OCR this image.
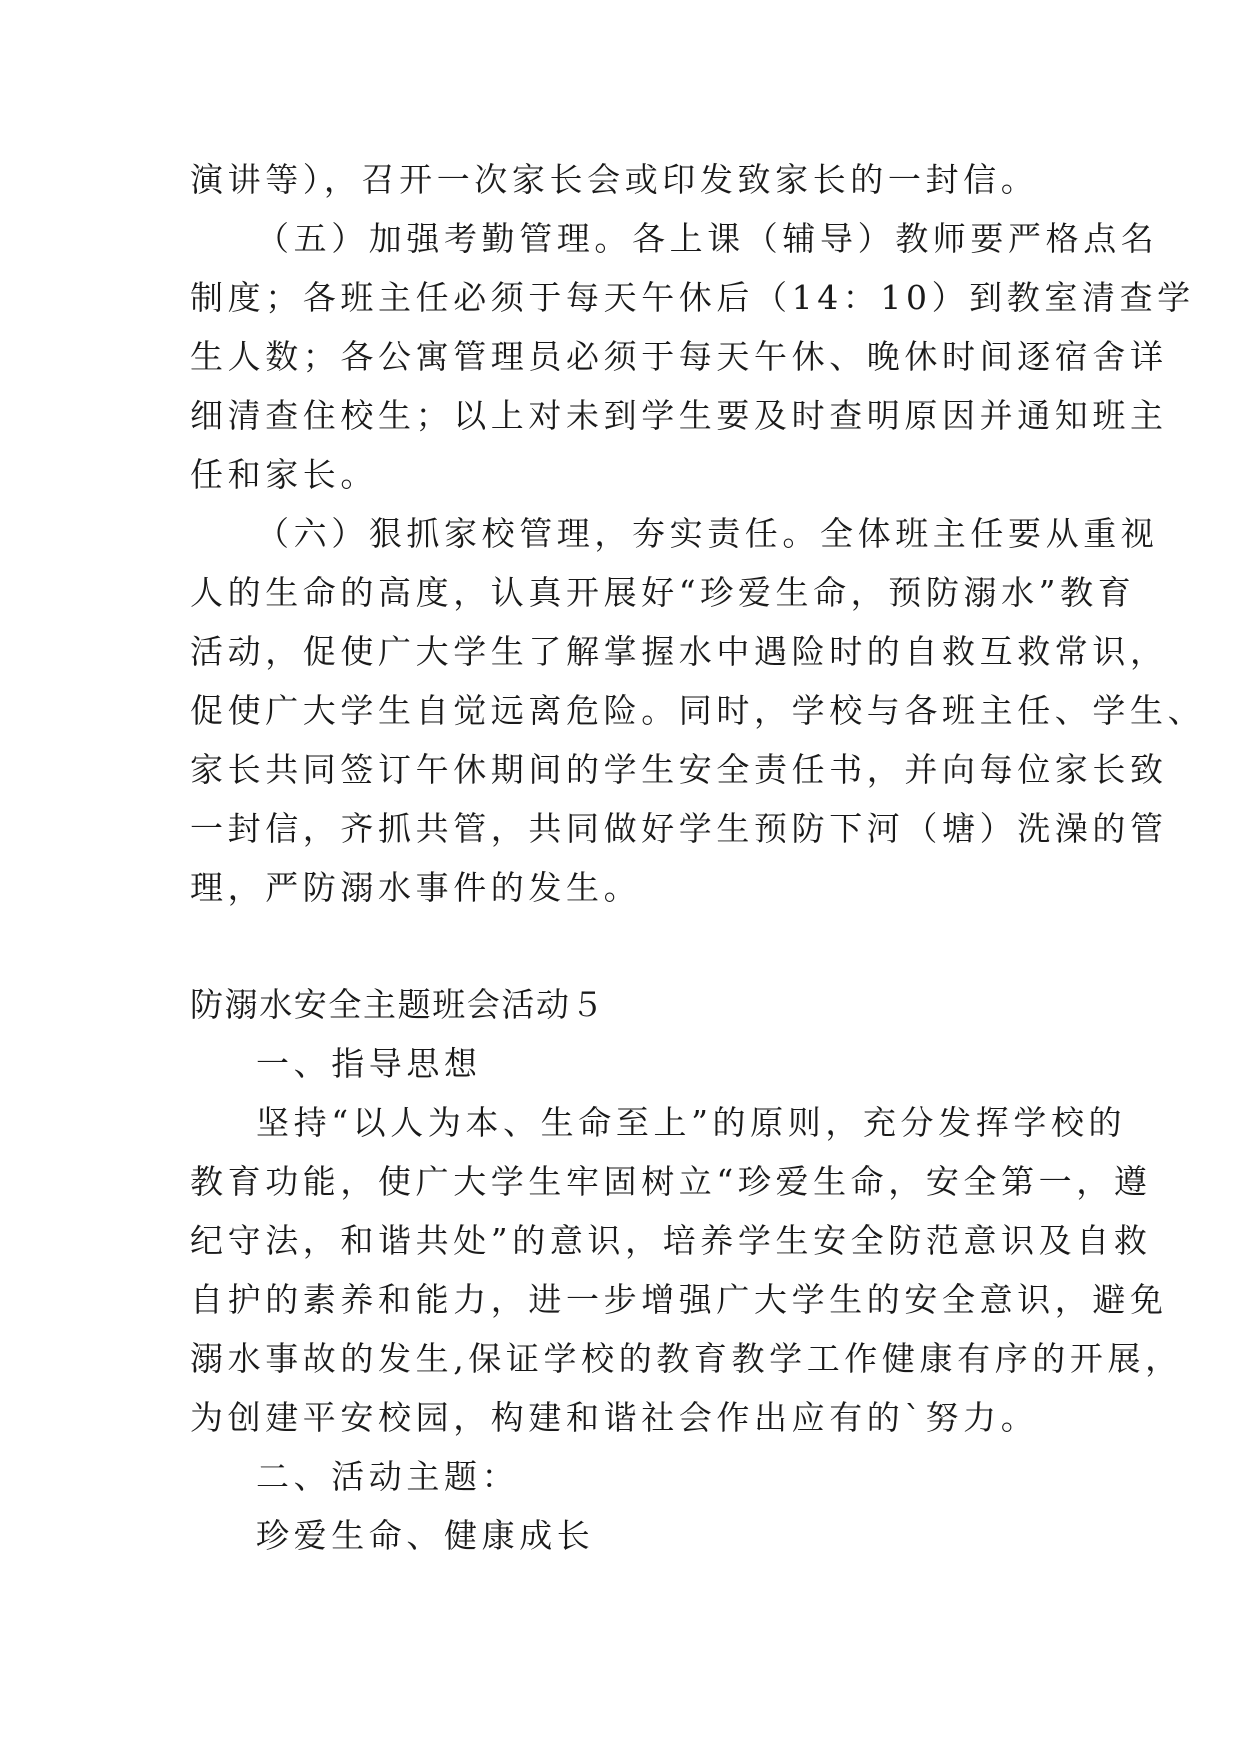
演讲等），召开一次家长会或印发致家长的一封信。
（五）加强考勤管理。各上课（辅导）教师要严格点名
制度；各班主任必须于每天午休后（14：10）到教室清查学
生人数；各公寓管理员必须于每天午休、晚休时间逐宿舍详
细清查住校生；以上对未到学生要及时查明原因并通知班主
任和家长。
（六）狠抓家校管理，夯实责任。全体班主任要从重视
人的生命的高度，认真开展好“珍爱生命，预防溺水”教育
活动，促使广大学生了解掌握水中遇险时的自救互救常识，
促使广大学生自觉远离危险。同时，学校与各班主任、学生、
家长共同签订午休期间的学生安全责任书，并向每位家长致
一封信，齐抓共管，共同做好学生预防下河（塘）洗澡的管
理，严防溺水事件的发生。
防溺水安全主题班会活动５
一、指导思想
坚持“以人为本、生命至上”的原则，充分发挥学校的
教育功能，使广大学生牢固树立“珍爱生命，安全第一，遵
纪守法，和谐共处”的意识，培养学生安全防范意识及自救
自护的素养和能力，进一步增强广大学生的安全意识，避免
溺水事故的发生,保证学校的教育教学工作健康有序的开展，
为创建平安校园，构建和谐社会作出应有的`努力。
二、活动主题：
珍爱生命、健康成长
